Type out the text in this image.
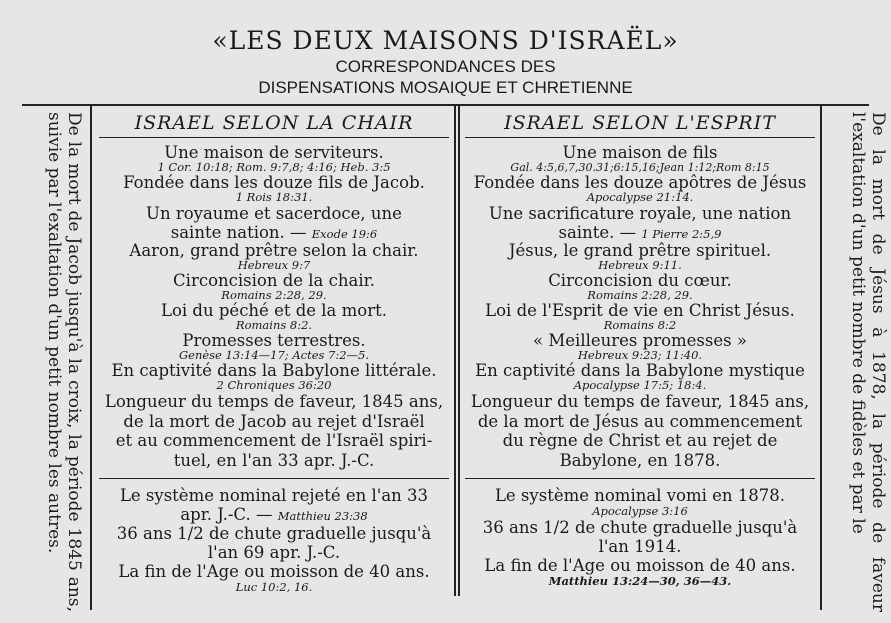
«LES DEUX MAISONS D'ISRAËL»
CORRESPONDANCES DES
DISPENSATIONS MOSAIQUE ET CHRETIENNE
De la mort de Jacob jusqu'à la croix, la période 1845 ans, suivie par l'exaltation d'un petit nombre les autres.	De la mort de Jésus à 1878, la période de faveur l'exaltation d'un petit nombre de fidèles et par le
ISRAEL SELON LA CHAIR
Une maison de serviteurs.
1 Cor. 10:18; Rom. 9:7,8; 4:16; Heb. 3:5
Fondée dans les douze fils de Jacob.
1 Rois 18:31.
Un royaume et sacerdoce, une
sainte nation. — Exode 19:6
Aaron, grand prêtre selon la chair.
Hebreux 9:7
Circoncision de la chair.
Romains 2:28, 29.
Loi du péché et de la mort.
Romains 8:2.
Promesses terrestres.
Genèse 13:14—17; Actes 7:2—5.
En captivité dans la Babylone littérale.
2 Chroniques 36:20
Longueur du temps de faveur, 1845 ans,
de la mort de Jacob au rejet d'Israël
et au commencement de l'Israël spiri-
tuel, en l'an 33 apr. J.-C.
Le système nominal rejeté en l'an 33
apr. J.-C. — Matthieu 23:38
36 ans 1/2 de chute graduelle jusqu'à
l'an 69 apr. J.-C.
La fin de l'Age ou moisson de 40 ans.
Luc 10:2, 16.
ISRAEL SELON L'ESPRIT
Une maison de fils
Gal. 4:5,6,7,30.31;6:15,16;Jean 1:12;Rom 8:15
Fondée dans les douze apôtres de Jésus
Apocalypse 21:14.
Une sacrificature royale, une nation
sainte. — 1 Pierre 2:5,9
Jésus, le grand prêtre spirituel.
Hebreux 9:11.
Circoncision du cœur.
Romains 2:28, 29.
Loi de l'Esprit de vie en Christ Jésus.
Romains 8:2
« Meilleures promesses »
Hebreux 9:23; 11:40.
En captivité dans la Babylone mystique
Apocalypse 17:5; 18:4.
Longueur du temps de faveur, 1845 ans,
de la mort de Jésus au commencement
du règne de Christ et au rejet de
Babylone, en 1878.
Le système nominal vomi en 1878.
Apocalypse 3:16
36 ans 1/2 de chute graduelle jusqu'à
l'an 1914.
La fin de l'Age ou moisson de 40 ans.
Matthieu 13:24—30, 36—43.
